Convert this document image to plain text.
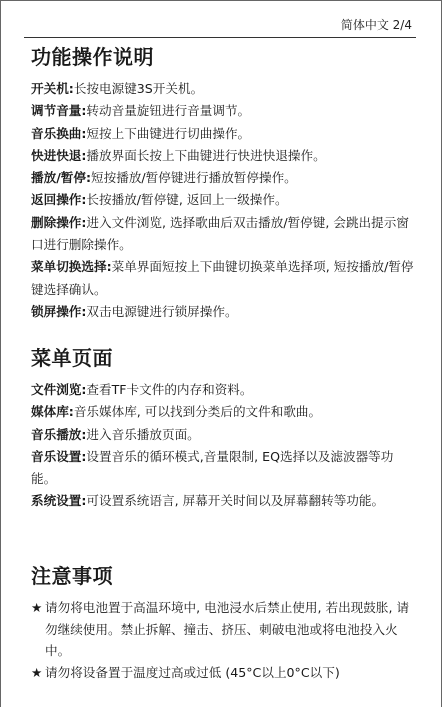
简体中文 2/4
功能操作说明

开关机:长按电源键3S开关机。

调节音量:转动音量旋钮进行音量调节。

音乐换曲:短按上下曲键进行切曲操作。

快进快退:播放界面长按上下曲键进行快进快退操作。

播放/暂停:短按播放/暂停键进行播放暂停操作。

返回操作:长按播放/暂停键, 返回上一级操作。

删除操作:进入文件浏览, 选择歌曲后双击播放/暂停键, 会跳出提示窗口进行删除操作。

菜单切换选择:菜单界面短按上下曲键切换菜单选择项, 短按播放/暂停键选择确认。

锁屏操作:双击电源键进行锁屏操作。

菜单页面

文件浏览:查看TF卡文件的内存和资料。

媒体库:音乐媒体库, 可以找到分类后的文件和歌曲。

音乐播放:进入音乐播放页面。

音乐设置:设置音乐的循环模式,音量限制, EQ选择以及滤波器等功能。

系统设置:可设置系统语言, 屏幕开关时间以及屏幕翻转等功能。

注意事项
★ 请勿将电池置于高温环境中, 电池浸水后禁止使用, 若出现鼓胀, 请勿继续使用。禁止拆解、撞击、挤压、刺破电池或将电池投入火中。
★ 请勿将设备置于温度过高或过低 (45°C以上0°C以下)
